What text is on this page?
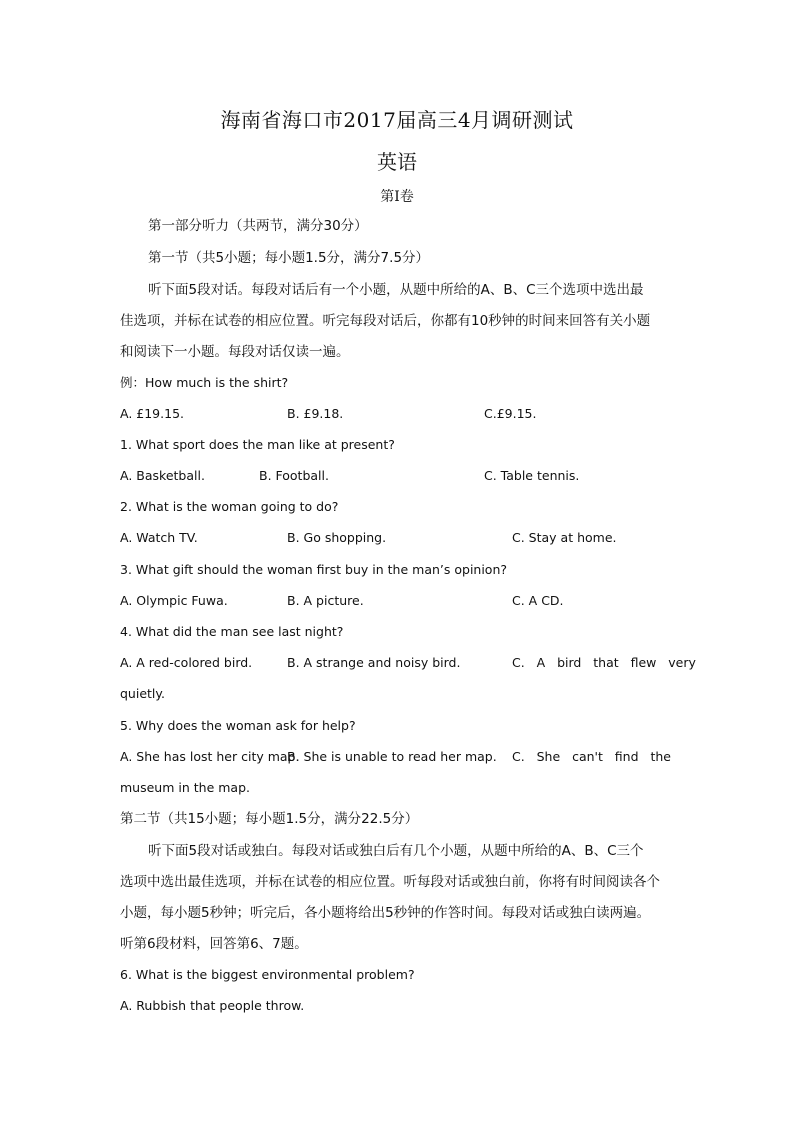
海南省海口市2017届高三4月调研测试
英语
第Ⅰ卷
第一部分听力（共两节，满分30分）
第一节（共5小题；每小题1.5分，满分7.5分）
听下面5段对话。每段对话后有一个小题，从题中所给的A、B、C三个选项中选出最
佳选项，并标在试卷的相应位置。听完每段对话后，你都有10秒钟的时间来回答有关小题
和阅读下一小题。每段对话仅读一遍。
例：How much is the shirt?
A. £19.15.	B. £9.18.	C.£9.15.
1. What sport does the man like at present?
A. Basketball.	B. Football.	C. Table tennis.
2. What is the woman going to do?
A. Watch TV.	B. Go shopping.	C. Stay at home.
3. What gift should the woman first buy in the man’s opinion?
A. Olympic Fuwa.	B. A picture.	C. A CD.
4. What did the man see last night?
A. A red-colored bird.	B. A strange and noisy bird.	C.   A   bird   that   flew   very
quietly.
5. Why does the woman ask for help?
A. She has lost her city map.
B. She is unable to read her map. C.   She   can't   find   the
museum in the map.
第二节（共15小题；每小题1.5分，满分22.5分）
听下面5段对话或独白。每段对话或独白后有几个小题，从题中所给的A、B、C三个
选项中选出最佳选项，并标在试卷的相应位置。听每段对话或独白前，你将有时间阅读各个
小题，每小题5秒钟；听完后，各小题将给出5秒钟的作答时间。每段对话或独白读两遍。
听第6段材料，回答第6、7题。
6. What is the biggest environmental problem?
A. Rubbish that people throw.
